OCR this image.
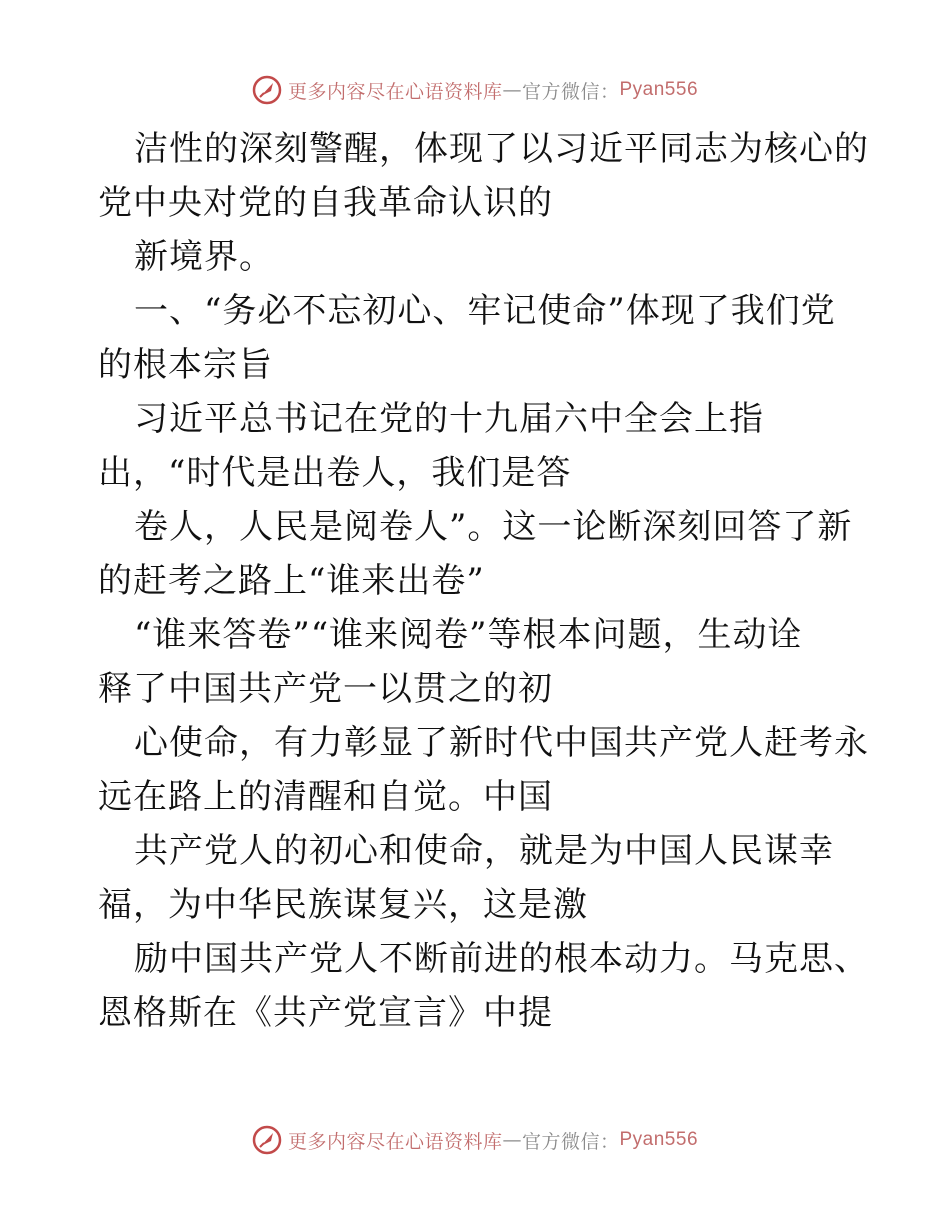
更多内容尽在心语资料库 — 官方微信： Pyan556
洁性的深刻警醒，体现了以习近平同志为核心的
党中央对党的自我革命认识的
新境界。
一、“务必不忘初心、牢记使命”体现了我们党
的根本宗旨
习近平总书记在党的十九届六中全会上指
出，“时代是出卷人，我们是答
卷人，人民是阅卷人”。这一论断深刻回答了新
的赶考之路上“谁来出卷”
“谁来答卷”“谁来阅卷”等根本问题，生动诠
释了中国共产党一以贯之的初
心使命，有力彰显了新时代中国共产党人赶考永
远在路上的清醒和自觉。中国
共产党人的初心和使命，就是为中国人民谋幸
福，为中华民族谋复兴，这是激
励中国共产党人不断前进的根本动力。马克思、
恩格斯在《共产党宣言》中提
更多内容尽在心语资料库 — 官方微信： Pyan556
